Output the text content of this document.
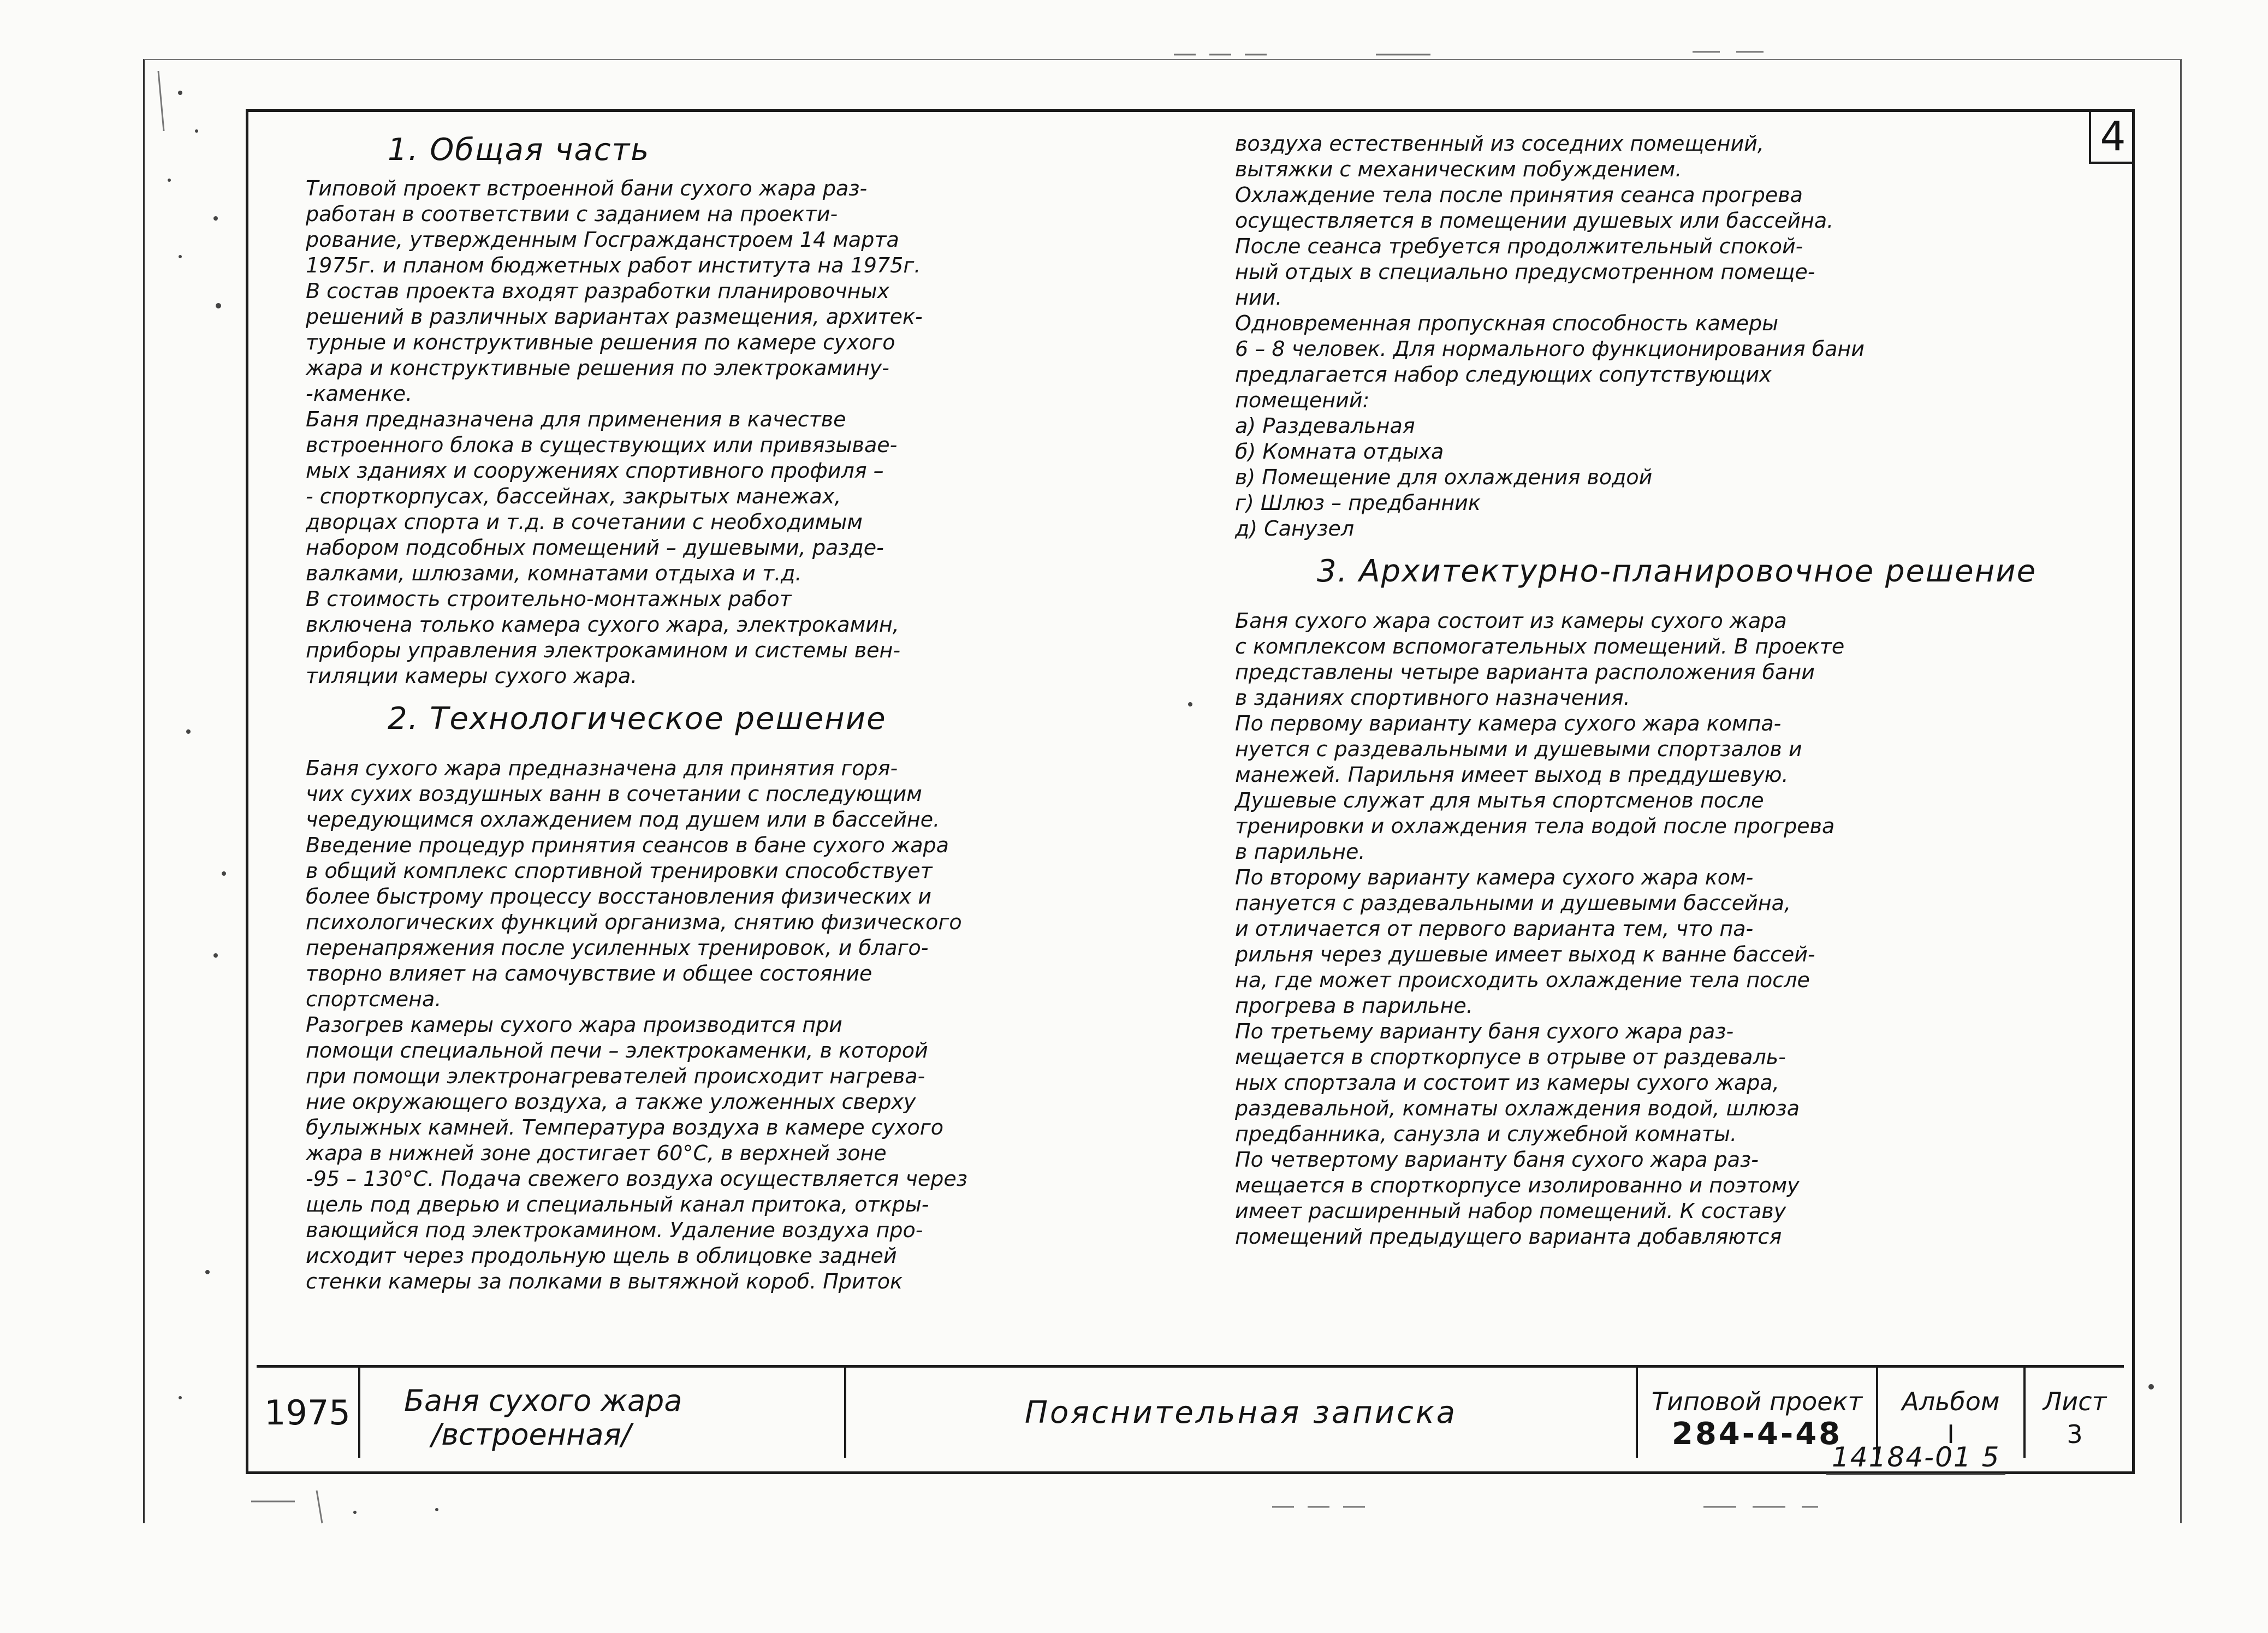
4
1. Общая часть

Типовой проект встроенной бани сухого жара раз-

работан в соответствии с заданием на проекти-

рование, утвержденным Госгражданстроем 14 марта

1975г. и планом бюджетных работ института на 1975г.

В состав проекта входят разработки планировочных

решений в различных вариантах размещения, архитек-

турные и конструктивные решения по камере сухого

жара и конструктивные решения по электрокамину-

-каменке.

Баня предназначена для применения в качестве

встроенного блока в существующих или привязывае-

мых зданиях и сооружениях спортивного профиля –

- спорткорпусах, бассейнах, закрытых манежах,

дворцах спорта и т.д. в сочетании с необходимым

набором подсобных помещений – душевыми, разде-

валками, шлюзами, комнатами отдыха и т.д.

В стоимость строительно-монтажных работ

включена только камера сухого жара, электрокамин,

приборы управления электрокамином и системы вен-

тиляции камеры сухого жара.

2. Технологическое решение

Баня сухого жара предназначена для принятия горя-

чих сухих воздушных ванн в сочетании с последующим

чередующимся охлаждением под душем или в бассейне.

Введение процедур принятия сеансов в бане сухого жара

в общий комплекс спортивной тренировки способствует

более быстрому процессу восстановления физических и

психологических функций организма, снятию физического

перенапряжения после усиленных тренировок, и благо-

творно влияет на самочувствие и общее состояние

спортсмена.

Разогрев камеры сухого жара производится при

помощи специальной печи – электрокаменки, в которой

при помощи электронагревателей происходит нагрева-

ние окружающего воздуха, а также уложенных сверху

булыжных камней. Температура воздуха в камере сухого

жара в нижней зоне достигает 60°С, в верхней зоне

-95 – 130°С. Подача свежего воздуха осуществляется через

щель под дверью и специальный канал притока, откры-

вающийся под электрокамином. Удаление воздуха про-

исходит через продольную щель в облицовке задней

стенки камеры за полками в вытяжной короб. Приток

воздуха естественный из соседних помещений,

вытяжки с механическим побуждением.

Охлаждение тела после принятия сеанса прогрева

осуществляется в помещении душевых или бассейна.

После сеанса требуется продолжительный спокой-

ный отдых в специально предусмотренном помеще-

нии.

Одновременная пропускная способность камеры

6 – 8 человек. Для нормального функционирования бани

предлагается набор следующих сопутствующих

помещений:

а) Раздевальная

б) Комната отдыха

в) Помещение для охлаждения водой

г) Шлюз – предбанник

д) Санузел

3. Архитектурно-планировочное решение

Баня сухого жара состоит из камеры сухого жара

с комплексом вспомогательных помещений. В проекте

представлены четыре варианта расположения бани

в зданиях спортивного назначения.

По первому варианту камера сухого жара компа-

нуется с раздевальными и душевыми спортзалов и

манежей. Парильня имеет выход в преддушевую.

Душевые служат для мытья спортсменов после

тренировки и охлаждения тела водой после прогрева

в парильне.

По второму варианту камера сухого жара ком-

пануется с раздевальными и душевыми бассейна,

и отличается от первого варианта тем, что па-

рильня через душевые имеет выход к ванне бассей-

на, где может происходить охлаждение тела после

прогрева в парильне.

По третьему варианту баня сухого жара раз-

мещается в спорткорпусе в отрыве от раздеваль-

ных спортзала и состоит из камеры сухого жара,

раздевальной, комнаты охлаждения водой, шлюза

предбанника, санузла и служебной комнаты.

По четвертому варианту баня сухого жара раз-

мещается в спорткорпусе изолированно и поэтому

имеет расширенный набор помещений. К составу

помещений предыдущего варианта добавляются

1975	Баня сухого жара
/встроенная/
Пояснительная записка	Типовой проект
284-4-48
Альбом
I
Лист
3
14184-01 5
